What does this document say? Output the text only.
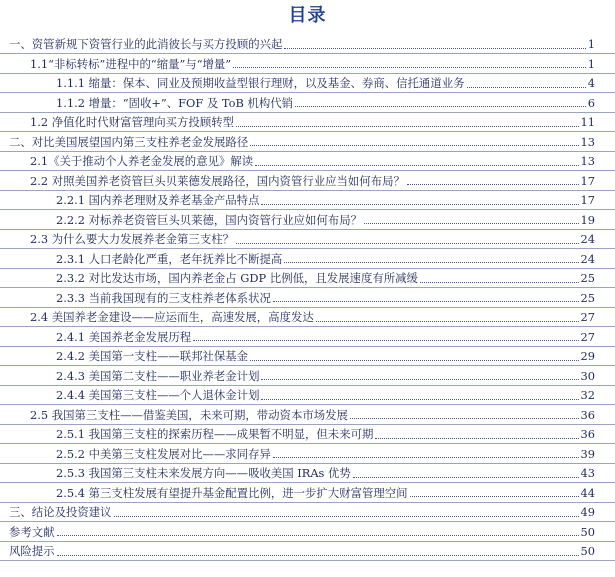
目录
一、资管新规下资管行业的此消彼长与买方投顾的兴起	1
1.1“非标转标”进程中的“缩量”与“增量”	1
1.1.1 缩量：保本、同业及预期收益型银行理财，以及基金、券商、信托通道业务	4
1.1.2 增量：“固收+”、FOF 及 ToB 机构代销	6
1.2 净值化时代财富管理向买方投顾转型	11
二、对比美国展望国内第三支柱养老金发展路径	13
2.1《关于推动个人养老金发展的意见》解读	13
2.2 对照美国养老资管巨头贝莱德发展路径，国内资管行业应当如何布局？	17
2.2.1 国内养老理财及养老基金产品特点	17
2.2.2 对标养老资管巨头贝莱德，国内资管行业应如何布局？	19
2.3 为什么要大力发展养老金第三支柱？	24
2.3.1 人口老龄化严重，老年抚养比不断提高	24
2.3.2 对比发达市场，国内养老金占 GDP 比例低，且发展速度有所减缓	25
2.3.3 当前我国现有的三支柱养老体系状况	25
2.4 美国养老金建设——应运而生，高速发展，高度发达	27
2.4.1 美国养老金发展历程	27
2.4.2 美国第一支柱——联邦社保基金	29
2.4.3 美国第二支柱——职业养老金计划	30
2.4.4 美国第三支柱——个人退休金计划	32
2.5 我国第三支柱——借鉴美国，未来可期，带动资本市场发展	36
2.5.1 我国第三支柱的探索历程——成果暂不明显，但未来可期	36
2.5.2 中美第三支柱发展对比——求同存异	39
2.5.3 我国第三支柱未来发展方向——吸收美国 IRAs 优势	43
2.5.4 第三支柱发展有望提升基金配置比例，进一步扩大财富管理空间	44
三、结论及投资建议	49
参考文献	50
风险提示	50
